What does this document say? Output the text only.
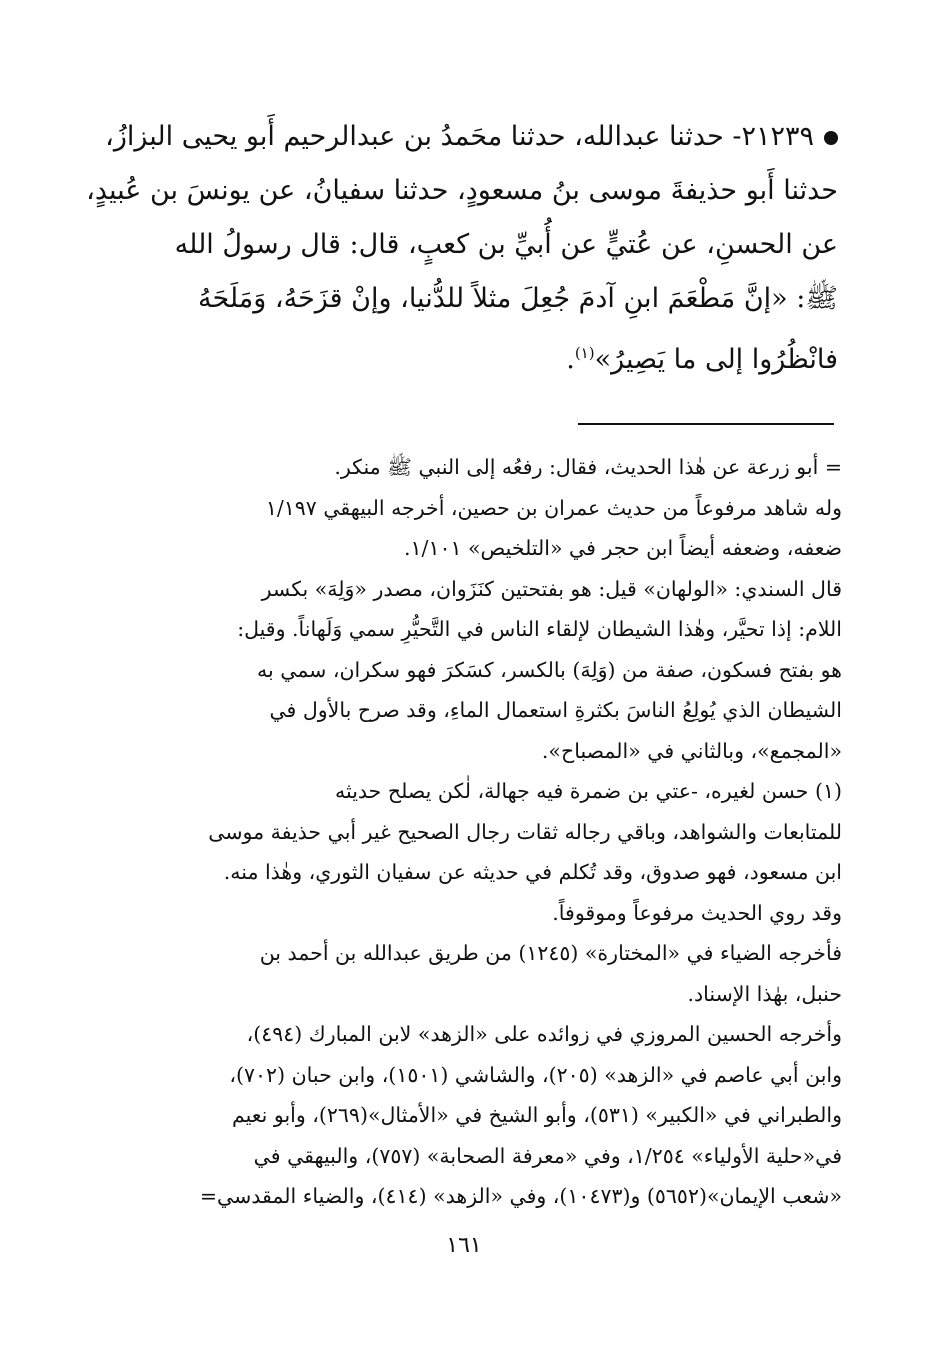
٢١٢٣٩- حدثنا عبدالله، حدثنا محَمدُ بن عبدالرحيم أَبو يحيى البزازُ،
حدثنا أَبو حذيفةَ موسى بنُ مسعودٍ، حدثنا سفيانُ، عن يونسَ بن عُبيدٍ،
عن الحسنِ، عن عُتيٍّ عن أُبيِّ بن كعبٍ، قال: قال رسولُ الله
ﷺ: «إنَّ مَطْعَمَ ابنِ آدمَ جُعِلَ مثلاً للدُّنيا، وإنْ قزَحَهُ، وَمَلَحَهُ
فانْظُرُوا إلى ما يَصِيرُ»$^{(١)}$.
= أبو زرعة عن هٰذا الحديث، فقال: رفعُه إلى النبي ﷺ منكر.
وله شاهد مرفوعاً من حديث عمران بن حصين، أخرجه البيهقي ١/١٩٧
ضعفه، وضعفه أيضاً ابن حجر في «التلخيص» ١/١٠١.
قال السندي: «الولهان» قيل: هو بفتحتين كنَزَوان، مصدر «وَلِهَ» بكسر
اللام: إذا تحيَّر، وهٰذا الشيطان لإلقاء الناس في التَّحيُّرِ سمي وَلَهاناً. وقيل:
هو بفتح فسكون، صفة من (وَلِهَ) بالكسر، كسَكرَ فهو سكران، سمي به
الشيطان الذي يُولِعُ الناسَ بكثرةِ استعمال الماءِ، وقد صرح بالأول في
«المجمع»، وبالثاني في «المصباح».
(١) حسن لغيره، -عتي بن ضمرة فيه جهالة، لٰكن يصلح حديثه
للمتابعات والشواهد، وباقي رجاله ثقات رجال الصحيح غير أبي حذيفة موسى
ابن مسعود، فهو صدوق، وقد تُكلم في حديثه عن سفيان الثوري، وهٰذا منه.
وقد روي الحديث مرفوعاً وموقوفاً.
فأخرجه الضياء في «المختارة» (١٢٤٥) من طريق عبدالله بن أحمد بن
حنبل، بهٰذا الإسناد.
وأخرجه الحسين المروزي في زوائده على «الزهد» لابن المبارك (٤٩٤)،
وابن أبي عاصم في «الزهد» (٢٠٥)، والشاشي (١٥٠١)، وابن حبان (٧٠٢)،
والطبراني في «الكبير» (٥٣١)، وأبو الشيخ في «الأمثال»(٢٦٩)، وأبو نعيم
في«حلية الأولياء» ١/٢٥٤، وفي «معرفة الصحابة» (٧٥٧)، والبيهقي في
«شعب الإيمان»(٥٦٥٢) و(١٠٤٧٣)، وفي «الزهد» (٤١٤)، والضياء المقدسي=
١٦١
